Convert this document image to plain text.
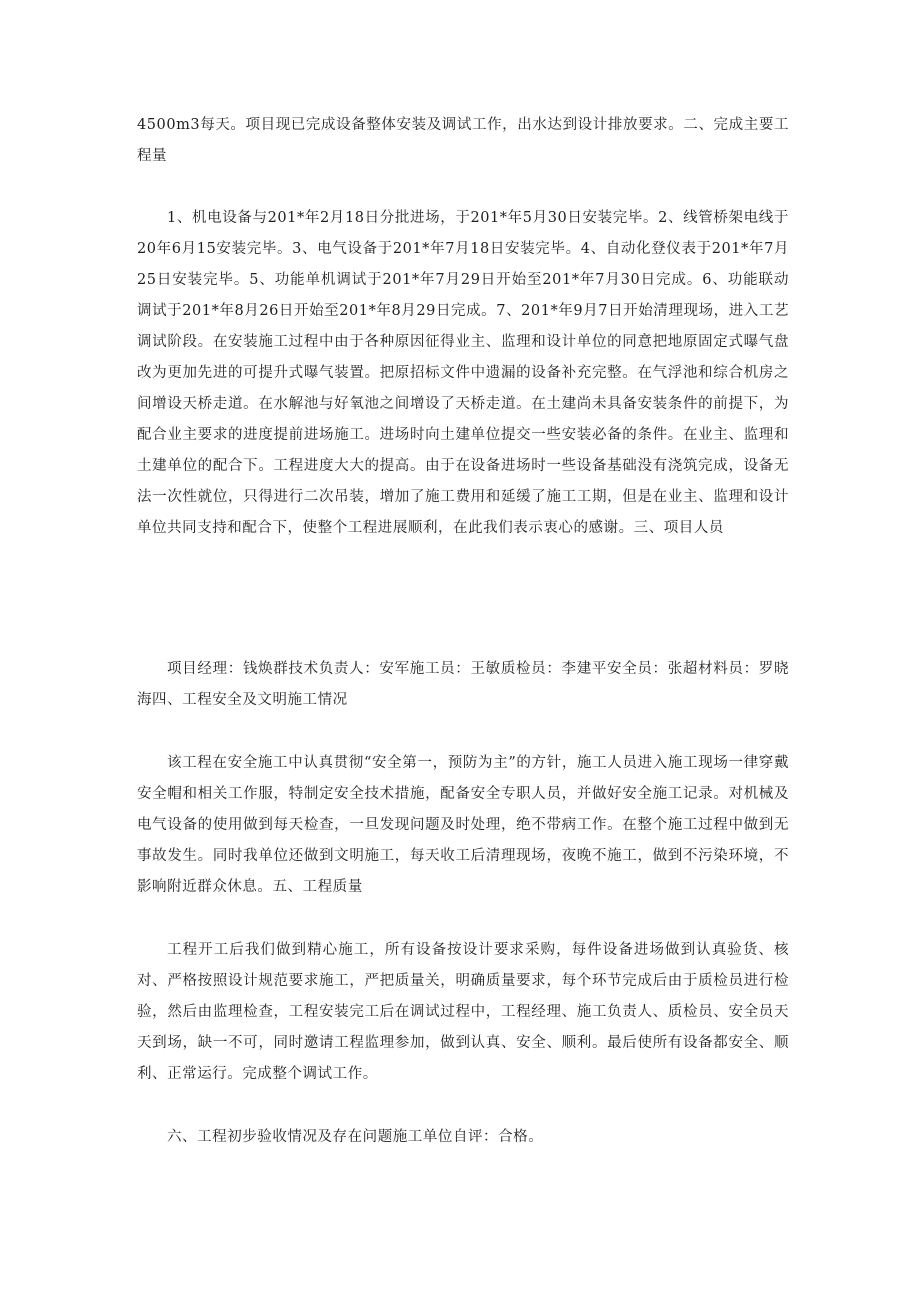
4500m3每天。项目现已完成设备整体安装及调试工作，出水达到设计排放要求。二、完成主要工程量

1、机电设备与201*年2月18日分批进场，于201*年5月30日安装完毕。2、线管桥架电线于20年6月15安装完毕。3、电气设备于201*年7月18日安装完毕。4、自动化登仪表于201*年7月25日安装完毕。5、功能单机调试于201*年7月29日开始至201*年7月30日完成。6、功能联动调试于201*年8月26日开始至201*年8月29日完成。7、201*年9月7日开始清理现场，进入工艺调试阶段。在安装施工过程中由于各种原因征得业主、监理和设计单位的同意把地原固定式曝气盘改为更加先进的可提升式曝气装置。把原招标文件中遗漏的设备补充完整。在气浮池和综合机房之间增设天桥走道。在水解池与好氧池之间增设了天桥走道。在土建尚未具备安装条件的前提下，为配合业主要求的进度提前进场施工。进场时向土建单位提交一些安装必备的条件。在业主、监理和土建单位的配合下。工程进度大大的提高。由于在设备进场时一些设备基础没有浇筑完成，设备无法一次性就位，只得进行二次吊装，增加了施工费用和延缓了施工工期，但是在业主、监理和设计单位共同支持和配合下，使整个工程进展顺利，在此我们表示衷心的感谢。三、项目人员

项目经理：钱焕群技术负责人：安军施工员：王敏质检员：李建平安全员：张超材料员：罗晓海四、工程安全及文明施工情况

该工程在安全施工中认真贯彻“安全第一，预防为主”的方针，施工人员进入施工现场一律穿戴安全帽和相关工作服，特制定安全技术措施，配备安全专职人员，并做好安全施工记录。对机械及电气设备的使用做到每天检查，一旦发现问题及时处理，绝不带病工作。在整个施工过程中做到无事故发生。同时我单位还做到文明施工，每天收工后清理现场，夜晚不施工，做到不污染环境，不影响附近群众休息。五、工程质量

工程开工后我们做到精心施工，所有设备按设计要求采购，每件设备进场做到认真验货、核对、严格按照设计规范要求施工，严把质量关，明确质量要求，每个环节完成后由于质检员进行检验，然后由监理检查，工程安装完工后在调试过程中，工程经理、施工负责人、质检员、安全员天天到场，缺一不可，同时邀请工程监理参加，做到认真、安全、顺利。最后使所有设备都安全、顺利、正常运行。完成整个调试工作。

六、工程初步验收情况及存在问题施工单位自评：合格。
